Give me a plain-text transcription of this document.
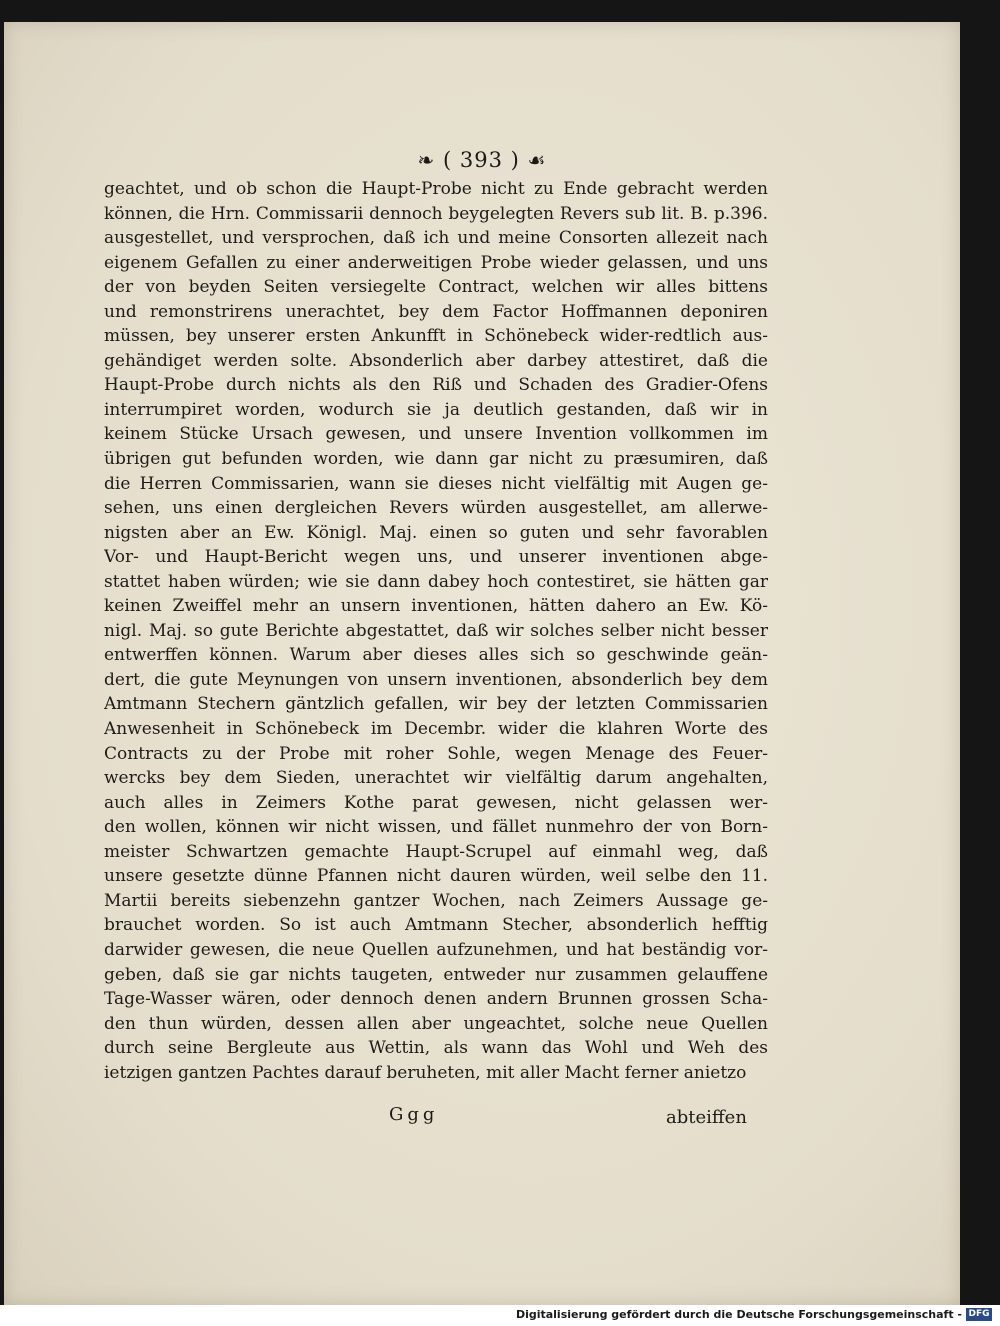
❧ ( 393 ) ☙
geachtet, und ob schon die Haupt-Probe nicht zu Ende gebracht werden
können, die Hrn. Commissarii dennoch beygelegten Revers sub lit. B. p.396.
ausgestellet, und versprochen, daß ich und meine Consorten allezeit nach
eigenem Gefallen zu einer anderweitigen Probe wieder gelassen, und uns
der von beyden Seiten versiegelte Contract, welchen wir alles bittens
und remonstrirens unerachtet, bey dem Factor Hoffmannen deponiren
müssen, bey unserer ersten Ankunfft in Schönebeck wider-redtlich aus-
gehändiget werden solte. Absonderlich aber darbey attestiret, daß die
Haupt-Probe durch nichts als den Riß und Schaden des Gradier-Ofens
interrumpiret worden, wodurch sie ja deutlich gestanden, daß wir in
keinem Stücke Ursach gewesen, und unsere Invention vollkommen im
übrigen gut befunden worden, wie dann gar nicht zu præsumiren, daß
die Herren Commissarien, wann sie dieses nicht vielfältig mit Augen ge-
sehen, uns einen dergleichen Revers würden ausgestellet, am allerwe-
nigsten aber an Ew. Königl. Maj. einen so guten und sehr favorablen
Vor- und Haupt-Bericht wegen uns, und unserer inventionen abge-
stattet haben würden; wie sie dann dabey hoch contestiret, sie hätten gar
keinen Zweiffel mehr an unsern inventionen, hätten dahero an Ew. Kö-
nigl. Maj. so gute Berichte abgestattet, daß wir solches selber nicht besser
entwerffen können. Warum aber dieses alles sich so geschwinde geän-
dert, die gute Meynungen von unsern inventionen, absonderlich bey dem
Amtmann Stechern gäntzlich gefallen, wir bey der letzten Commissarien
Anwesenheit in Schönebeck im Decembr. wider die klahren Worte des
Contracts zu der Probe mit roher Sohle, wegen Menage des Feuer-
wercks bey dem Sieden, unerachtet wir vielfältig darum angehalten,
auch alles in Zeimers Kothe parat gewesen, nicht gelassen wer-
den wollen, können wir nicht wissen, und fället nunmehro der von Born-
meister Schwartzen gemachte Haupt-Scrupel auf einmahl weg, daß
unsere gesetzte dünne Pfannen nicht dauren würden, weil selbe den 11.
Martii bereits siebenzehn gantzer Wochen, nach Zeimers Aussage ge-
brauchet worden. So ist auch Amtmann Stecher, absonderlich hefftig
darwider gewesen, die neue Quellen aufzunehmen, und hat beständig vor-
geben, daß sie gar nichts taugeten, entweder nur zusammen gelauffene
Tage-Wasser wären, oder dennoch denen andern Brunnen grossen Scha-
den thun würden, dessen allen aber ungeachtet, solche neue Quellen
durch seine Bergleute aus Wettin, als wann das Wohl und Weh des
ietzigen gantzen Pachtes darauf beruheten, mit aller Macht ferner anietzo
Ggg	abteiffen
Digitalisierung gefördert durch die Deutsche Forschungsgemeinschaft - DFG
